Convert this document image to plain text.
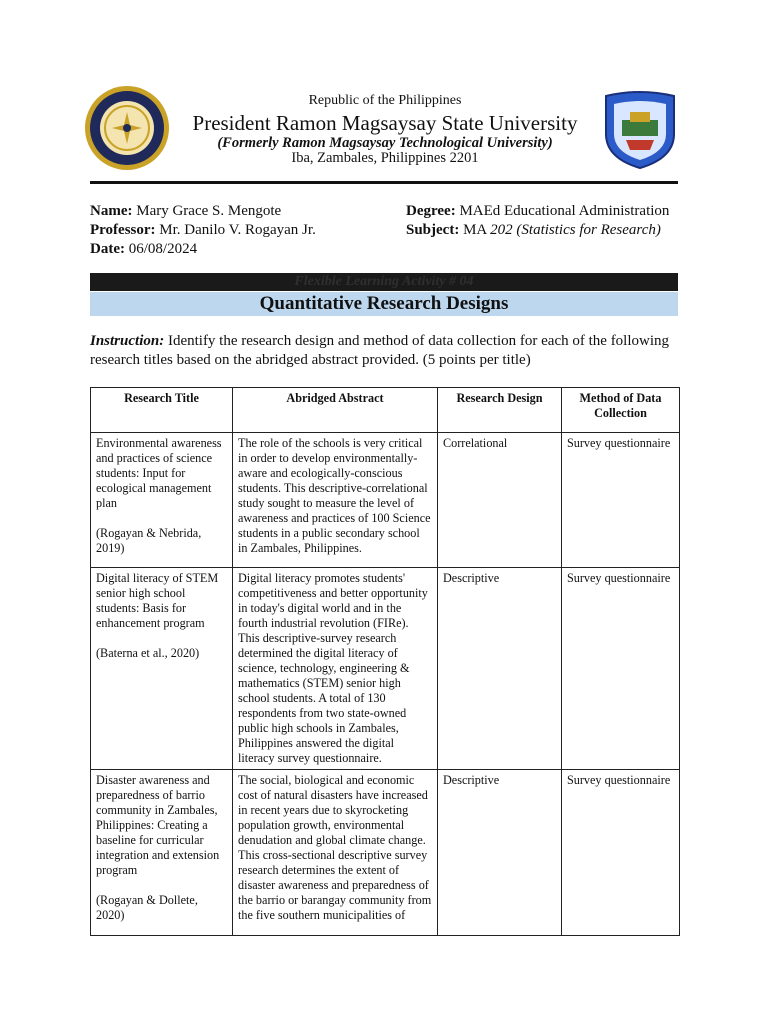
Republic of the Philippines
President Ramon Magsaysay State University
(Formerly Ramon Magsaysay Technological University)
Iba, Zambales, Philippines 2201
Name: Mary Grace S. Mengote
Professor: Mr. Danilo V. Rogayan Jr.
Date: 06/08/2024
Degree: MAEd Educational Administration
Subject: MA 202 (Statistics for Research)
Flexible Learning Activity # 04
Quantitative Research Designs
Instruction: Identify the research design and method of data collection for each of the following research titles based on the abridged abstract provided. (5 points per title)
Research Title	Abridged Abstract	Research Design	Method of Data Collection

Environmental awareness and practices of science students: Input for ecological management plan
(Rogayan & Nebrida, 2019)	The role of the schools is very critical in order to develop environmentally-aware and ecologically-conscious students. This descriptive-correlational study sought to measure the level of awareness and practices of 100 Science students in a public secondary school in Zambales, Philippines.	Correlational	Survey questionnaire

Digital literacy of STEM senior high school students: Basis for enhancement program
(Baterna et al., 2020)	Digital literacy promotes students' competitiveness and better opportunity in today's digital world and in the fourth industrial revolution (FIRe). This descriptive-survey research determined the digital literacy of science, technology, engineering & mathematics (STEM) senior high school students. A total of 130 respondents from two state-owned public high schools in Zambales, Philippines answered the digital literacy survey questionnaire.	Descriptive	Survey questionnaire

Disaster awareness and preparedness of barrio community in Zambales, Philippines: Creating a baseline for curricular integration and extension program
(Rogayan & Dollete, 2020)	The social, biological and economic cost of natural disasters have increased in recent years due to skyrocketing population growth, environmental denudation and global climate change. This cross-sectional descriptive survey research determines the extent of disaster awareness and preparedness of the barrio or barangay community from the five southern municipalities of	Descriptive	Survey questionnaire
